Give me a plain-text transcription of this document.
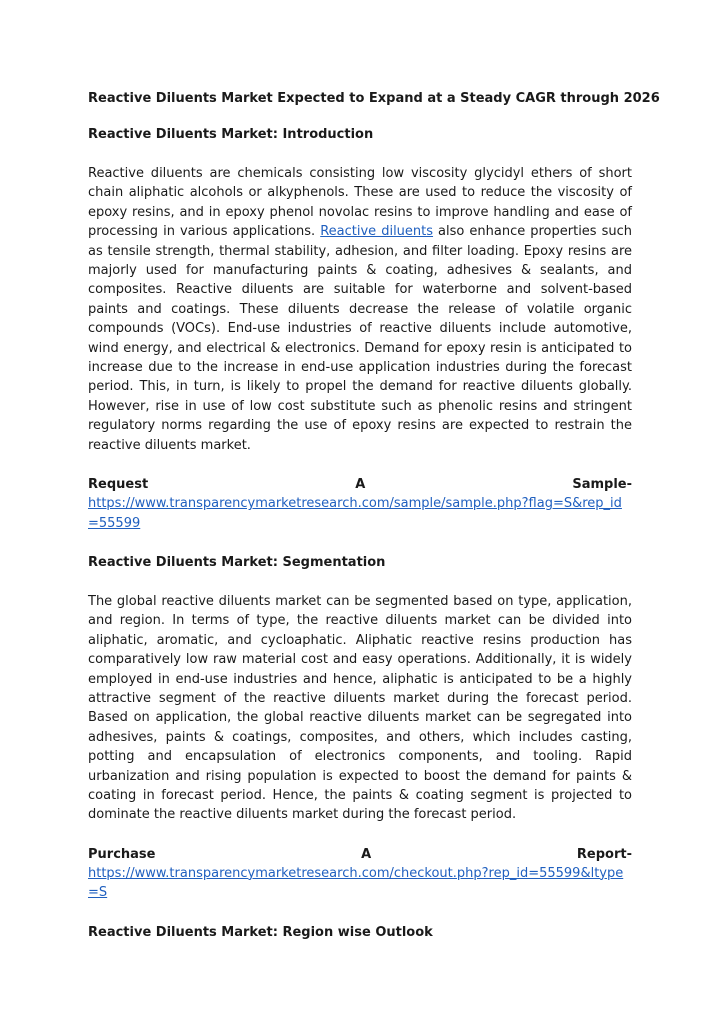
Reactive Diluents Market Expected to Expand at a Steady CAGR through 2026

Reactive Diluents Market: Introduction

Reactive diluents are chemicals consisting low viscosity glycidyl ethers of short chain aliphatic alcohols or alkyphenols. These are used to reduce the viscosity of epoxy resins, and in epoxy phenol novolac resins to improve handling and ease of processing in various applications. Reactive diluents also enhance properties such as tensile strength, thermal stability, adhesion, and filter loading. Epoxy resins are majorly used for manufacturing paints & coating, adhesives & sealants, and composites. Reactive diluents are suitable for waterborne and solvent-based paints and coatings. These diluents decrease the release of volatile organic compounds (VOCs). End-use industries of reactive diluents include automotive, wind energy, and electrical & electronics. Demand for epoxy resin is anticipated to increase due to the increase in end-use application industries during the forecast period. This, in turn, is likely to propel the demand for reactive diluents globally. However, rise in use of low cost substitute such as phenolic resins and stringent regulatory norms regarding the use of epoxy resins are expected to restrain the reactive diluents market.

Request	A	Sample-

https://www.transparencymarketresearch.com/sample/sample.php?flag=S&rep_id=55599

Reactive Diluents Market: Segmentation

The global reactive diluents market can be segmented based on type, application, and region. In terms of type, the reactive diluents market can be divided into aliphatic, aromatic, and cycloaphatic. Aliphatic reactive resins production has comparatively low raw material cost and easy operations. Additionally, it is widely employed in end-use industries and hence, aliphatic is anticipated to be a highly attractive segment of the reactive diluents market during the forecast period. Based on application, the global reactive diluents market can be segregated into adhesives, paints & coatings, composites, and others, which includes casting, potting and encapsulation of electronics components, and tooling. Rapid urbanization and rising population is expected to boost the demand for paints & coating in forecast period. Hence, the paints & coating segment is projected to dominate the reactive diluents market during the forecast period.

Purchase	A	Report-

https://www.transparencymarketresearch.com/checkout.php?rep_id=55599&ltype=S

Reactive Diluents Market: Region wise Outlook
